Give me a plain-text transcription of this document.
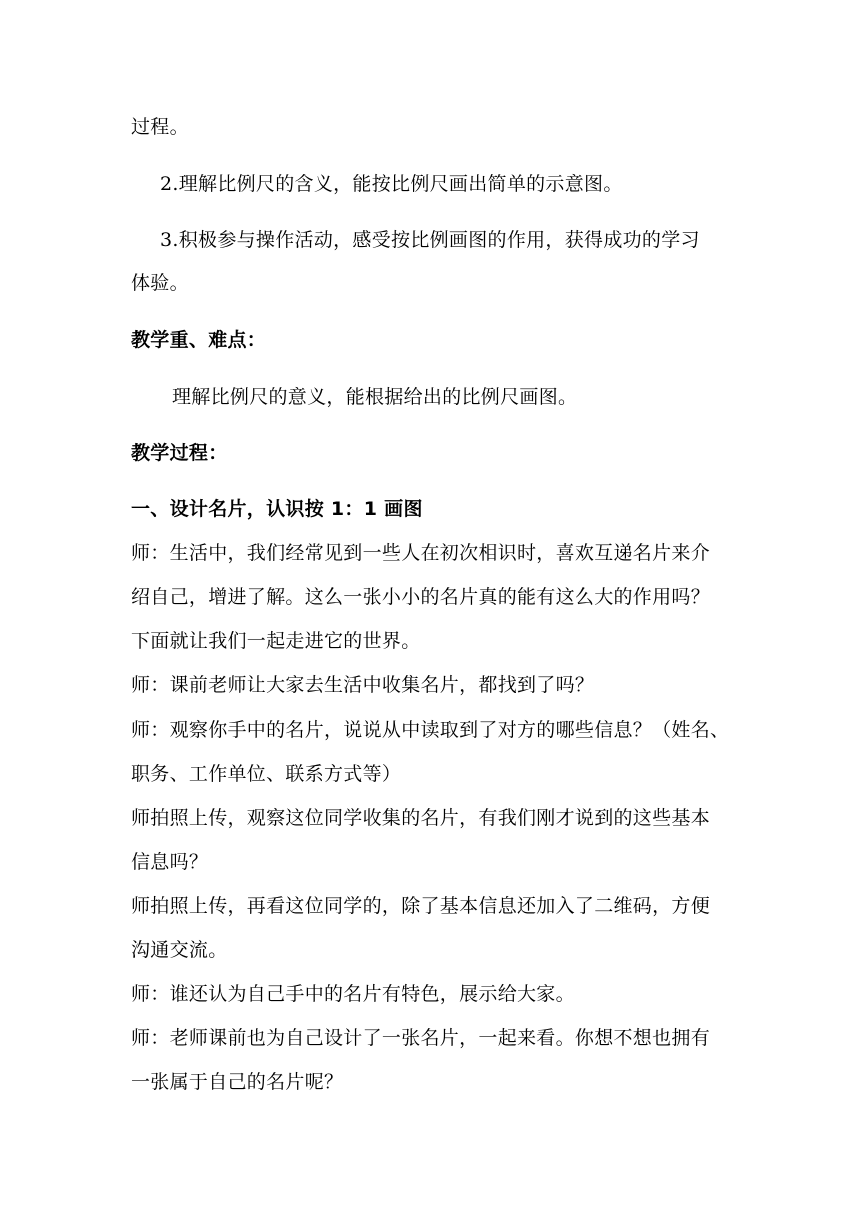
过程。
2.理解比例尺的含义，能按比例尺画出简单的示意图。
3.积极参与操作活动，感受按比例画图的作用，获得成功的学习
体验。
教学重、难点：
理解比例尺的意义，能根据给出的比例尺画图。
教学过程：
一、设计名片，认识按 1：1 画图
师：生活中，我们经常见到一些人在初次相识时，喜欢互递名片来介
绍自己，增进了解。这么一张小小的名片真的能有这么大的作用吗？
下面就让我们一起走进它的世界。
师：课前老师让大家去生活中收集名片，都找到了吗？
师：观察你手中的名片，说说从中读取到了对方的哪些信息？（姓名、
职务、工作单位、联系方式等）
师拍照上传，观察这位同学收集的名片，有我们刚才说到的这些基本
信息吗？
师拍照上传，再看这位同学的，除了基本信息还加入了二维码，方便
沟通交流。
师：谁还认为自己手中的名片有特色，展示给大家。
师：老师课前也为自己设计了一张名片，一起来看。你想不想也拥有
一张属于自己的名片呢？
